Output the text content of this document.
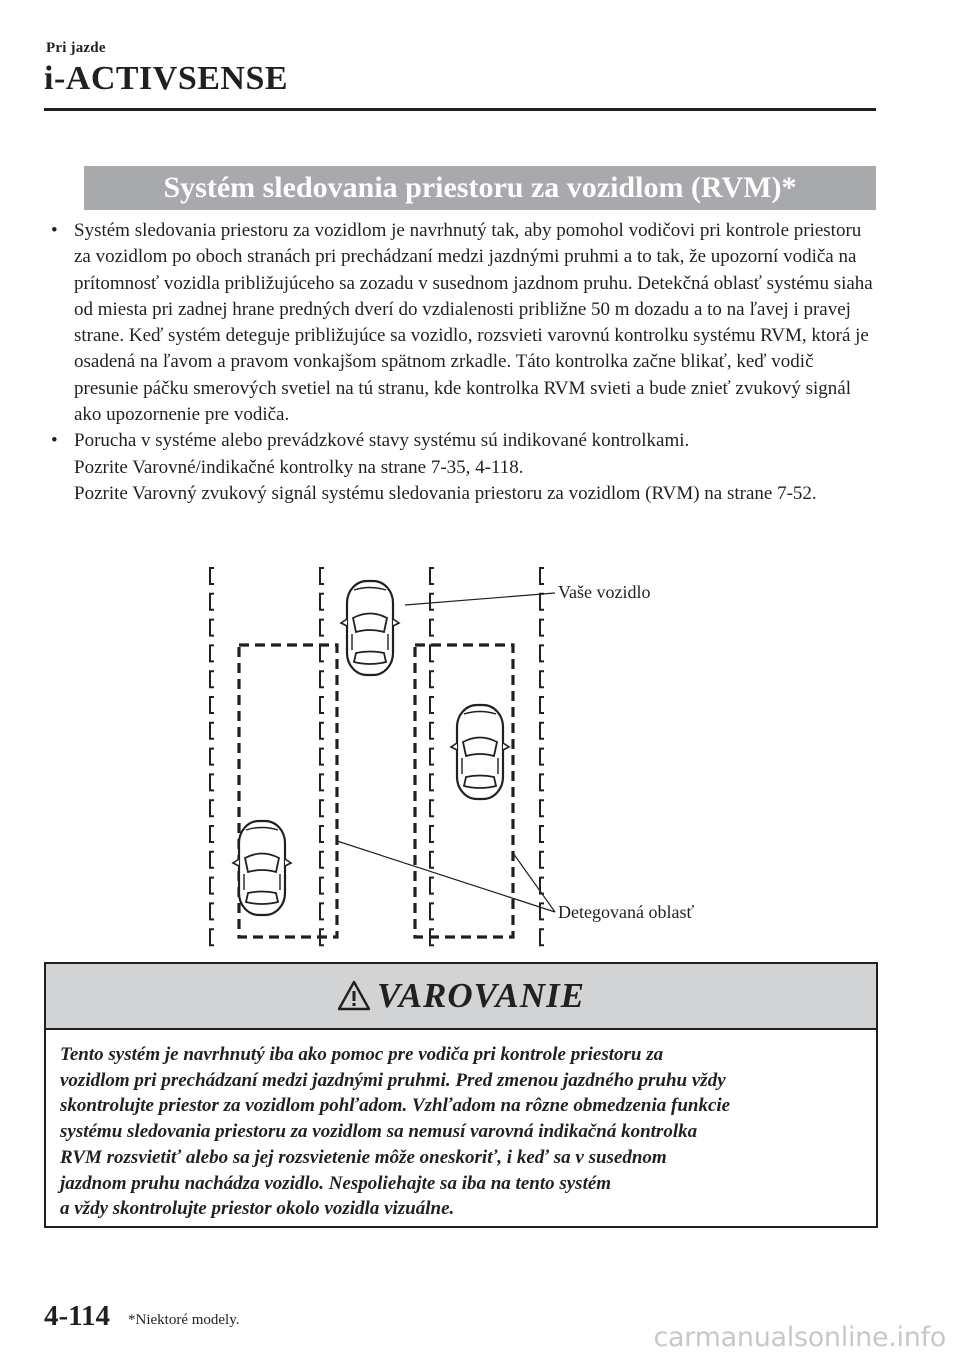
Pri jazde
i-ACTIVSENSE
Systém sledovania priestoru za vozidlom (RVM)*
• Systém sledovania priestoru za vozidlom je navrhnutý tak, aby pomohol vodičovi pri kontrole priestoru za vozidlom po oboch stranách pri prechádzaní medzi jazdnými pruhmi a to tak, že upozorní vodiča na prítomnosť vozidla približujúceho sa zozadu v susednom jazdnom pruhu. Detekčná oblasť systému siaha od miesta pri zadnej hrane predných dverí do vzdialenosti približne 50 m dozadu a to na ľavej i pravej strane. Keď systém deteguje približujúce sa vozidlo, rozsvieti varovnú kontrolku systému RVM, ktorá je osadená na ľavom a pravom vonkajšom spätnom zrkadle. Táto kontrolka začne blikať, keď vodič presunie páčku smerových svetiel na tú stranu, kde kontrolka RVM svieti a bude znieť zvukový signál ako upozornenie pre vodiča.

• Porucha v systéme alebo prevádzkové stavy systému sú indikované kontrolkami.

Pozrite Varovné/indikačné kontrolky na strane 7-35, 4-118.

Pozrite Varovný zvukový signál systému sledovania priestoru za vozidlom (RVM) na strane 7-52.

Vaše vozidlo
Detegovaná oblasť
VAROVANIE

Tento systém je navrhnutý iba ako pomoc pre vodiča pri kontrole priestoru za
vozidlom pri prechádzaní medzi jazdnými pruhmi. Pred zmenou jazdného pruhu vždy
skontrolujte priestor za vozidlom pohľadom. Vzhľadom na rôzne obmedzenia funkcie
systému sledovania priestoru za vozidlom sa nemusí varovná indikačná kontrolka
RVM rozsvietiť alebo sa jej rozsvietenie môže oneskoriť, i keď sa v susednom
jazdnom pruhu nachádza vozidlo. Nespoliehajte sa iba na tento systém
a vždy skontrolujte priestor okolo vozidla vizuálne.

4-114 *Niektoré modely.
carmanualsonline.info
